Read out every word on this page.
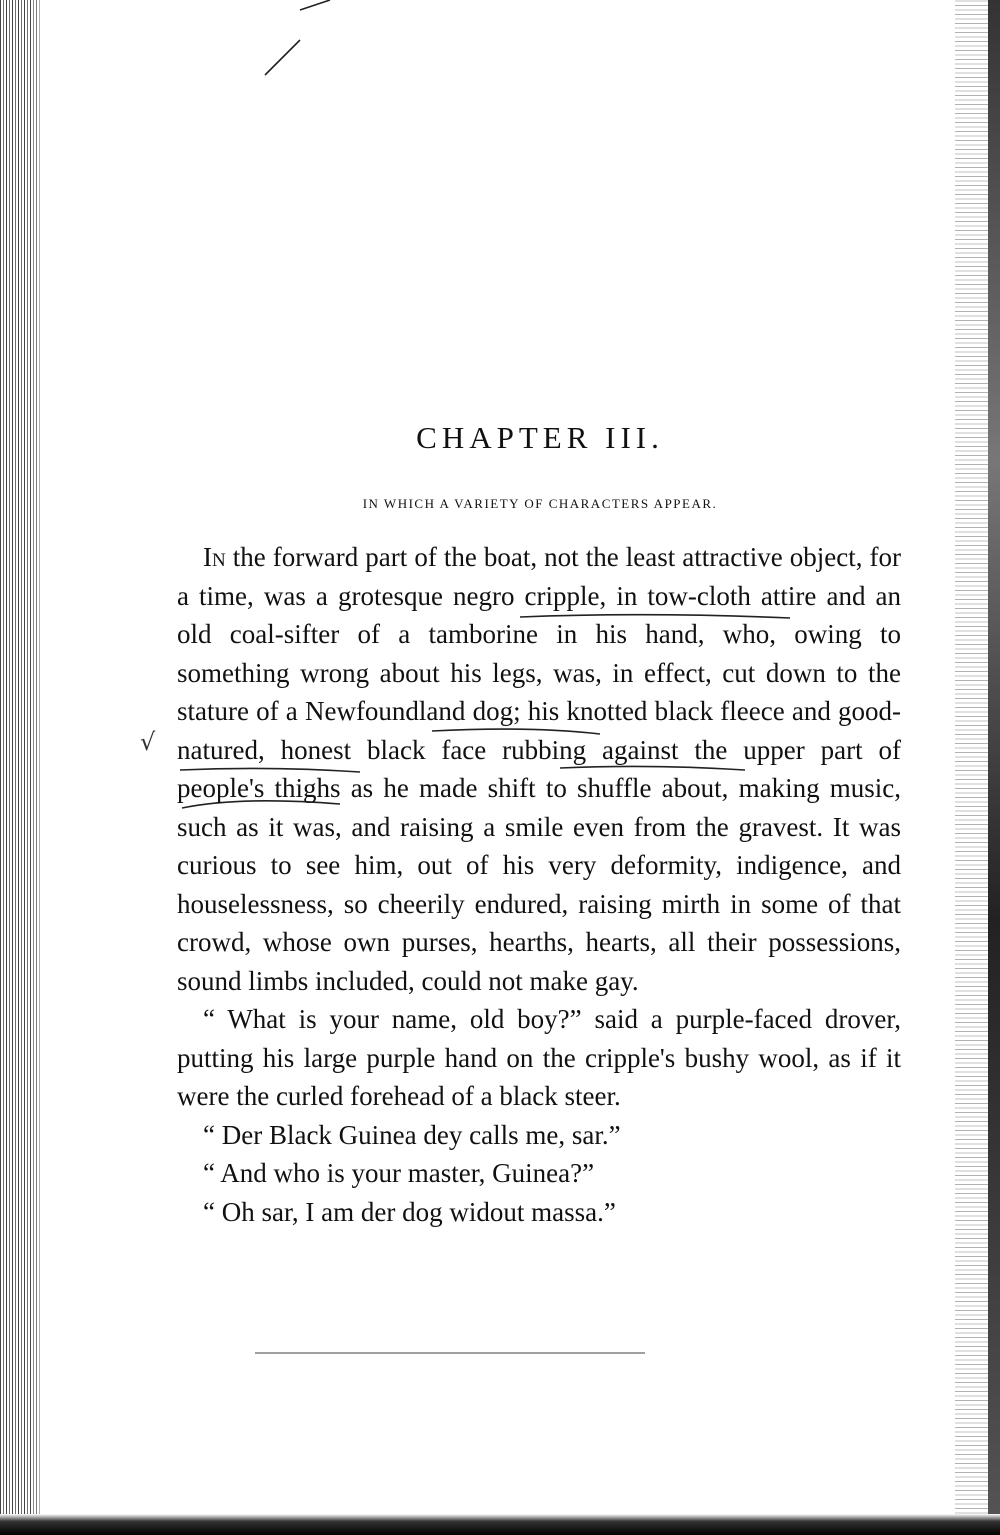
√
CHAPTER III.

IN WHICH A VARIETY OF CHARACTERS APPEAR.

In the forward part of the boat, not the least attractive object, for a time, was a grotesque negro cripple, in tow-cloth attire and an old coal-sifter of a tamborine in his hand, who, owing to something wrong about his legs, was, in effect, cut down to the stature of a Newfoundland dog; his knotted black fleece and good-natured, honest black face rubbing against the upper part of people's thighs as he made shift to shuffle about, making music, such as it was, and raising a smile even from the gravest. It was curious to see him, out of his very deformity, indigence, and houselessness, so cheerily endured, raising mirth in some of that crowd, whose own purses, hearths, hearts, all their possessions, sound limbs included, could not make gay.

“ What is your name, old boy?” said a purple-faced drover, putting his large purple hand on the cripple's bushy wool, as if it were the curled forehead of a black steer.

“ Der Black Guinea dey calls me, sar.”

“ And who is your master, Guinea?”

“ Oh sar, I am der dog widout massa.”
